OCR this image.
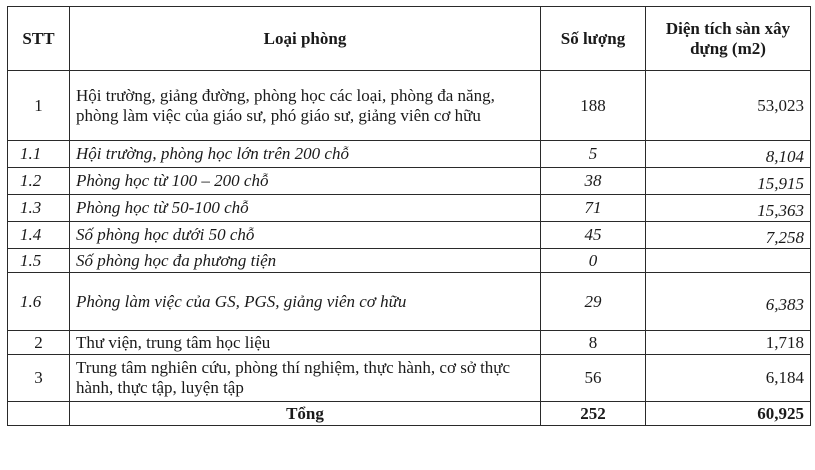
STT	Loại phòng	Số lượng	Diện tích sàn xây dựng (m2)
1	Hội trường, giảng đường, phòng học các loại, phòng đa năng, phòng làm việc của giáo sư, phó giáo sư, giảng viên cơ hữu	188	53,023
1.1	Hội trường, phòng học lớn trên 200 chỗ	5	8,104
1.2	Phòng học từ 100 – 200 chỗ	38	15,915
1.3	Phòng học từ 50-100 chỗ	71	15,363
1.4	Số phòng học dưới 50 chỗ	45	7,258
1.5	Số phòng học đa phương tiện	0	
1.6	Phòng làm việc của GS, PGS, giảng viên cơ hữu	29	6,383
2	Thư viện, trung tâm học liệu	8	1,718
3	Trung tâm nghiên cứu, phòng thí nghiệm, thực hành, cơ sở thực hành, thực tập, luyện tập	56	6,184
	Tổng	252	60,925
